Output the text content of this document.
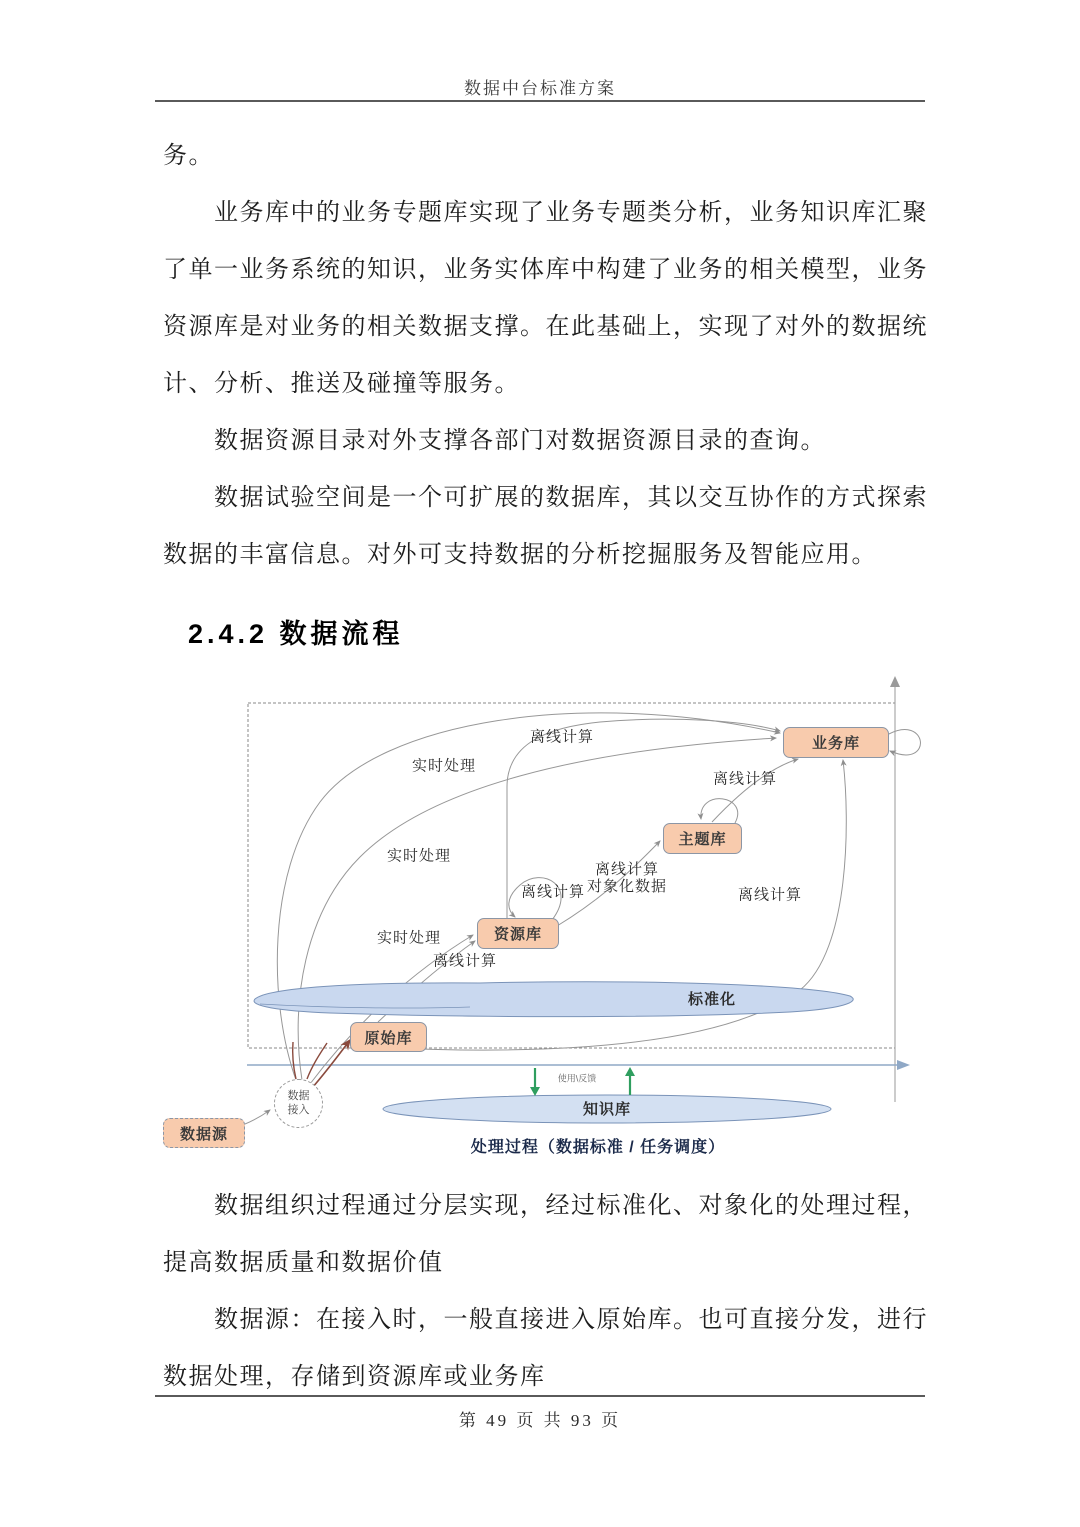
数据中台标准方案
务。
业务库中的业务专题库实现了业务专题类分析，业务知识库汇聚
了单一业务系统的知识，业务实体库中构建了业务的相关模型，业务
资源库是对业务的相关数据支撑。在此基础上，实现了对外的数据统
计、分析、推送及碰撞等服务。
数据资源目录对外支撑各部门对数据资源目录的查询。
数据试验空间是一个可扩展的数据库，其以交互协作的方式探索
数据的丰富信息。对外可支持数据的分析挖掘服务及智能应用。
2.4.2 数据流程
标准化
知识库
业务库
主题库
资源库
原始库
数据源
数据
接入
离线计算
实时处理
实时处理
离线计算
离线计算
离线计算
对象化数据	离线计算
实时处理
离线计算
使用\反馈
处理过程（数据标准 / 任务调度）
数据组织过程通过分层实现，经过标准化、对象化的处理过程，
提高数据质量和数据价值
数据源：在接入时，一般直接进入原始库。也可直接分发，进行
数据处理，存储到资源库或业务库
第 49 页 共 93 页
